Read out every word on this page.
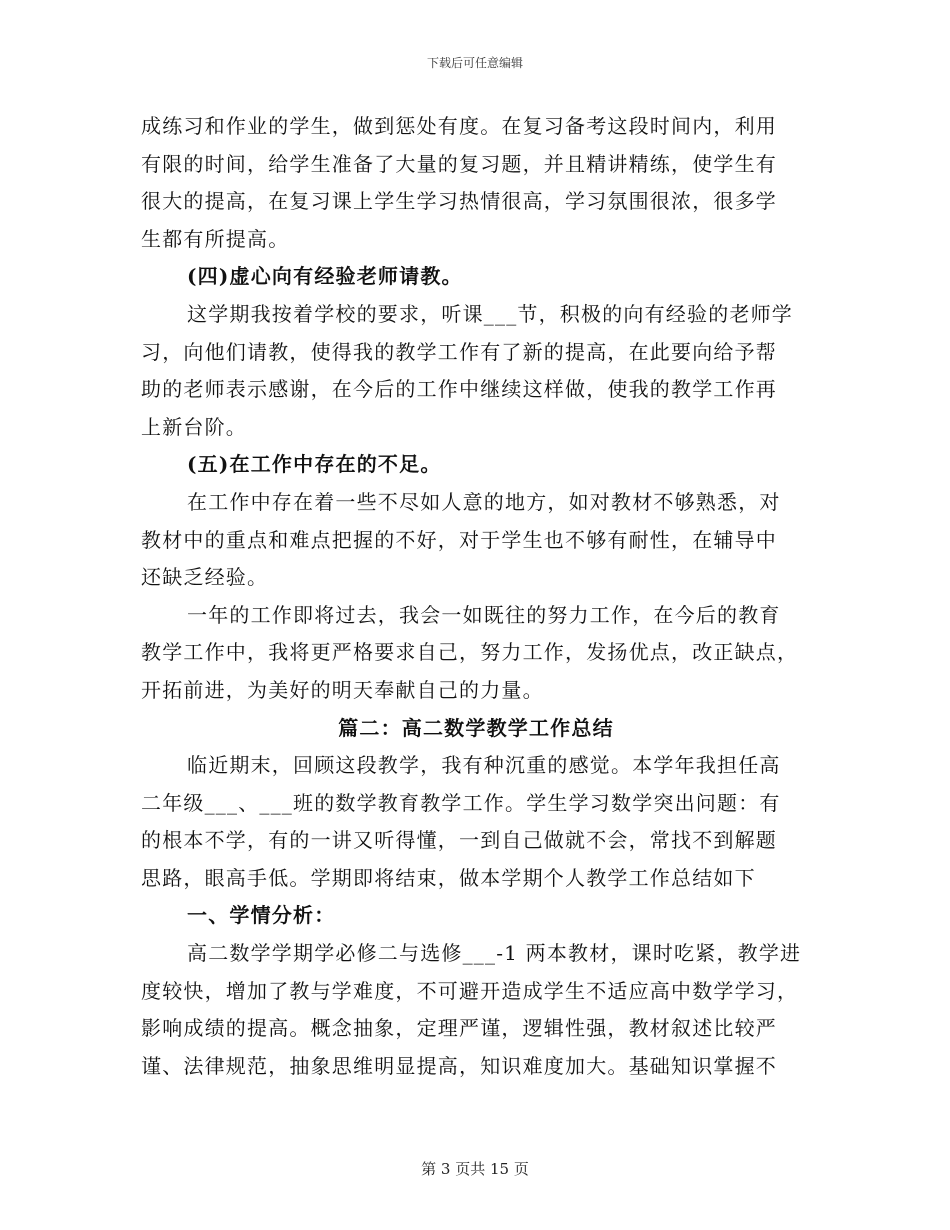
下载后可任意编辑
成练习和作业的学生，做到惩处有度。在复习备考这段时间内，利用
有限的时间，给学生准备了大量的复习题，并且精讲精练，使学生有
很大的提高，在复习课上学生学习热情很高，学习氛围很浓，很多学
生都有所提高。
(四)虚心向有经验老师请教。
这学期我按着学校的要求，听课___节，积极的向有经验的老师学
习，向他们请教，使得我的教学工作有了新的提高，在此要向给予帮
助的老师表示感谢，在今后的工作中继续这样做，使我的教学工作再
上新台阶。
(五)在工作中存在的不足。
在工作中存在着一些不尽如人意的地方，如对教材不够熟悉，对
教材中的重点和难点把握的不好，对于学生也不够有耐性，在辅导中
还缺乏经验。
一年的工作即将过去，我会一如既往的努力工作，在今后的教育
教学工作中，我将更严格要求自己，努力工作，发扬优点，改正缺点，
开拓前进，为美好的明天奉献自己的力量。
篇二：高二数学教学工作总结
临近期末，回顾这段教学，我有种沉重的感觉。本学年我担任高
二年级___、___班的数学教育教学工作。学生学习数学突出问题：有
的根本不学，有的一讲又听得懂，一到自己做就不会，常找不到解题
思路，眼高手低。学期即将结束，做本学期个人教学工作总结如下
一、学情分析：
高二数学学期学必修二与选修___-1 两本教材，课时吃紧，教学进
度较快，增加了教与学难度，不可避开造成学生不适应高中数学学习，
影响成绩的提高。概念抽象，定理严谨，逻辑性强，教材叙述比较严
谨、法律规范，抽象思维明显提高，知识难度加大。基础知识掌握不
第 3 页共 15 页
